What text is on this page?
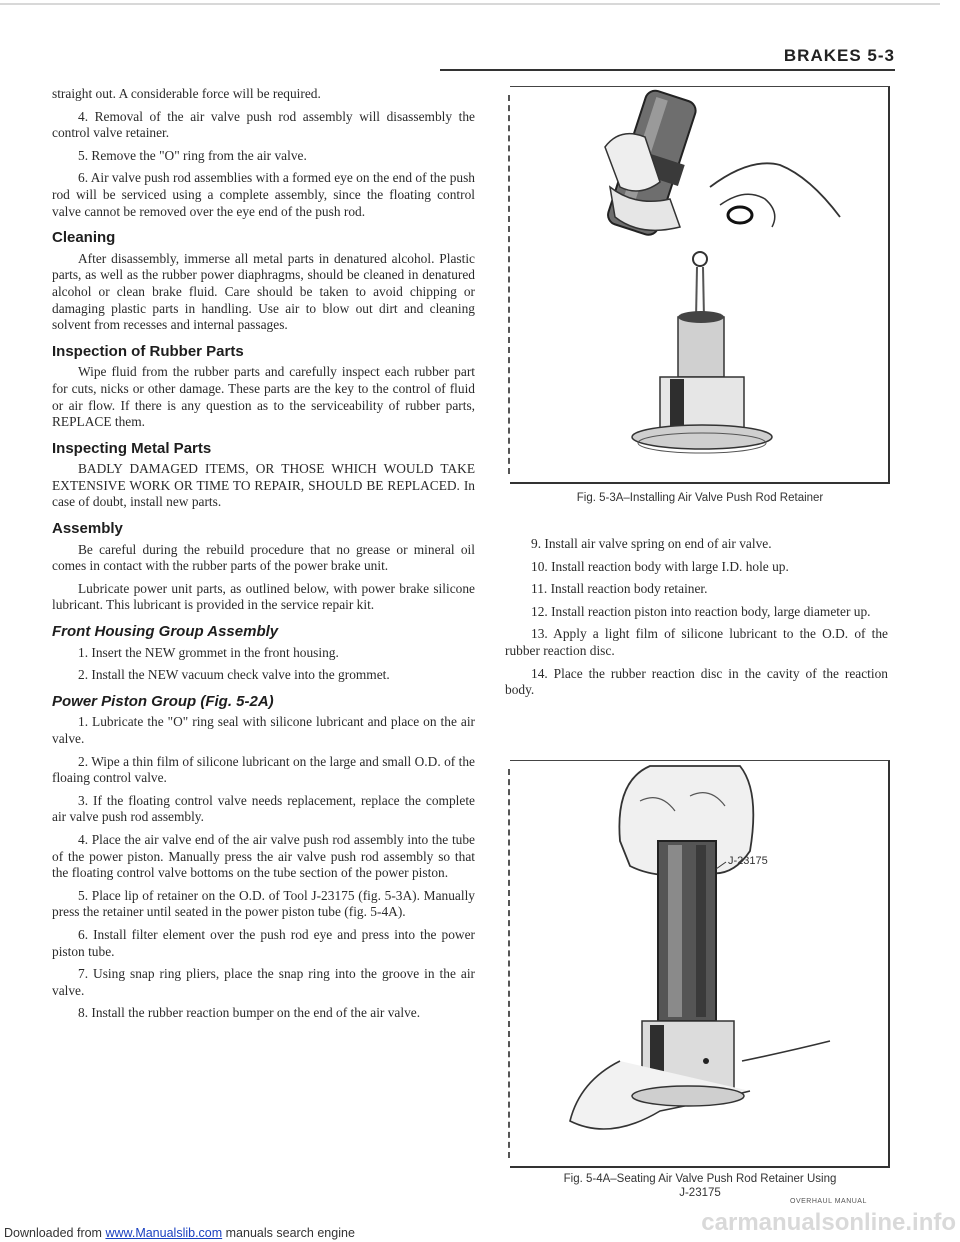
BRAKES 5-3

straight out. A considerable force will be required.

4. Removal of the air valve push rod assembly will disassembly the control valve retainer.

5. Remove the "O" ring from the air valve.

6. Air valve push rod assemblies with a formed eye on the end of the push rod will be serviced using a complete assembly, since the floating control valve cannot be removed over the eye end of the push rod.

Cleaning

After disassembly, immerse all metal parts in denatured alcohol. Plastic parts, as well as the rubber power diaphragms, should be cleaned in denatured alcohol or clean brake fluid. Care should be taken to avoid chipping or damaging plastic parts in handling. Use air to blow out dirt and cleaning solvent from recesses and internal passages.

Inspection of Rubber Parts

Wipe fluid from the rubber parts and carefully inspect each rubber part for cuts, nicks or other damage. These parts are the key to the control of fluid or air flow. If there is any question as to the serviceability of rubber parts, REPLACE them.

Inspecting Metal Parts

BADLY DAMAGED ITEMS, OR THOSE WHICH WOULD TAKE EXTENSIVE WORK OR TIME TO REPAIR, SHOULD BE REPLACED. In case of doubt, install new parts.

Assembly

Be careful during the rebuild procedure that no grease or mineral oil comes in contact with the rubber parts of the power brake unit.

Lubricate power unit parts, as outlined below, with power brake silicone lubricant. This lubricant is provided in the service repair kit.

Front Housing Group Assembly

1. Insert the NEW grommet in the front housing.

2. Install the NEW vacuum check valve into the grommet.

Power Piston Group (Fig. 5-2A)

1. Lubricate the "O" ring seal with silicone lubricant and place on the air valve.

2. Wipe a thin film of silicone lubricant on the large and small O.D. of the floaing control valve.

3. If the floating control valve needs replacement, replace the complete air valve push rod assembly.

4. Place the air valve end of the air valve push rod assembly into the tube of the power piston. Manually press the air valve push rod assembly so that the floating control valve bottoms on the tube section of the power piston.

5. Place lip of retainer on the O.D. of Tool J-23175 (fig. 5-3A). Manually press the retainer until seated in the power piston tube (fig. 5-4A).

6. Install filter element over the push rod eye and press into the power piston tube.

7. Using snap ring pliers, place the snap ring into the groove in the air valve.

8. Install the rubber reaction bumper on the end of the air valve.

Fig. 5-3A–Installing Air Valve Push Rod Retainer

9. Install air valve spring on end of air valve.

10. Install reaction body with large I.D. hole up.

11. Install reaction body retainer.

12. Install reaction piston into reaction body, large diameter up.

13. Apply a light film of silicone lubricant to the O.D. of the rubber reaction disc.

14. Place the rubber reaction disc in the cavity of the reaction body.

J-23175
Fig. 5-4A–Seating Air Valve Push Rod Retainer Using
J-23175
OVERHAUL MANUAL
Downloaded from www.Manualslib.com manuals search engine	carmanualsonline.info
